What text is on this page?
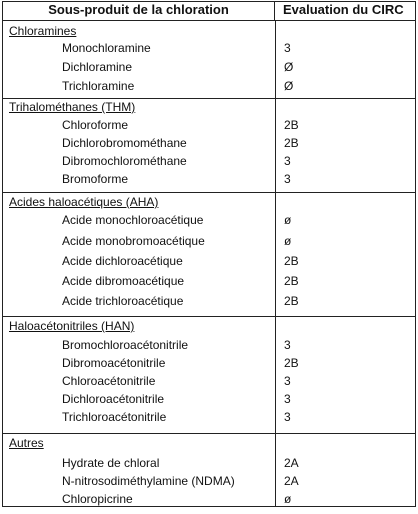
Sous-produit de la chloration	Evaluation du CIRC
Chloramines
Monochloramine	3
Dichloramine	Ø
Trichloramine	Ø
Trihalométhanes (THM)
Chloroforme	2B
Dichlorobromométhane	2B
Dibromochlorométhane	3
Bromoforme	3
Acides haloacétiques (AHA)
Acide monochloroacétique	ø
Acide monobromoacétique	ø
Acide dichloroacétique	2B
Acide dibromoacétique	2B
Acide trichloroacétique	2B
Haloacétonitriles (HAN)
Bromochloroacétonitrile	3
Dibromoacétonitrile	2B
Chloroacétonitrile	3
Dichloroacétonitrile	3
Trichloroacétonitrile	3
Autres
Hydrate de chloral	2A
N-nitrosodiméthylamine (NDMA)	2A
Chloropicrine	ø
